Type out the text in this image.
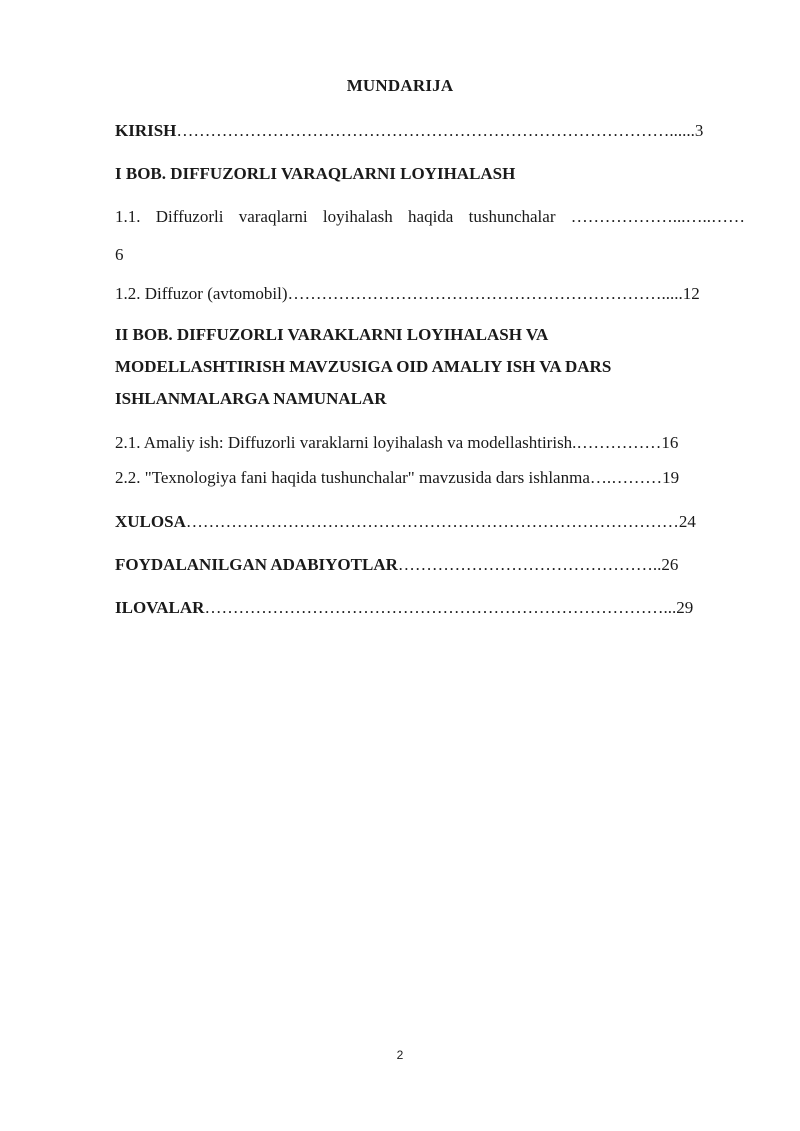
MUNDARIJA
KIRISH……………………………………………………………………………......3
I BOB. DIFFUZORLI VARAQLARNI LOYIHALASH
1.1. Diffuzorli varaqlarni loyihalash haqida tushunchalar ………………...…..……
6
1.2. Diffuzor (avtomobil)………………………………………………………….....12
II BOB. DIFFUZORLI VARAKLARNI LOYIHALASH VA
MODELLASHTIRISH MAVZUSIGA OID AMALIY ISH VA DARS
ISHLANMALARGA NAMUNALAR
2.1. Amaliy ish: Diffuzorli varaklarni loyihalash va modellashtirish.……………16
2.2. "Texnologiya fani haqida tushunchalar" mavzusida dars ishlanma….………19
XULOSA……………………………………………………………………………24
FOYDALANILGAN ADABIYOTLAR………………………………………..26
ILOVALAR………………………………………………………………………...29
2
